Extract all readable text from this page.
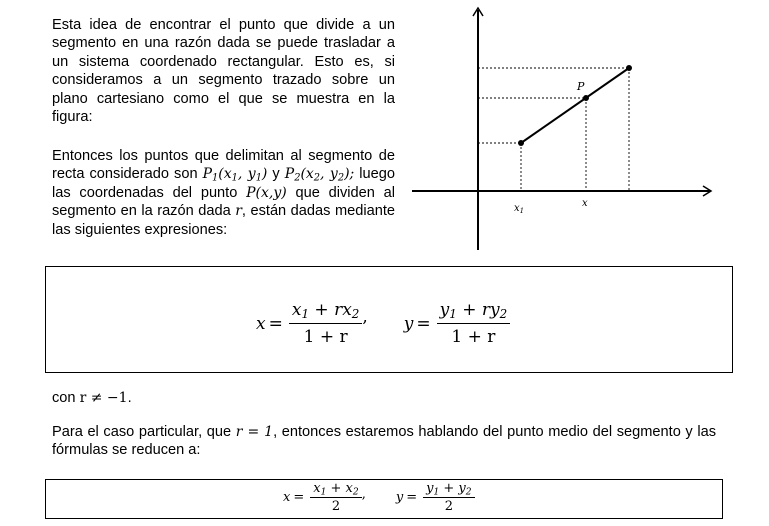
Esta idea de encontrar el punto que divide a un segmento en una razón dada se puede trasladar a un sistema coordenado rectangular. Esto es, si consideramos a un segmento trazado sobre un plano cartesiano como el que se muestra en la figura:
Entonces los puntos que delimitan al segmento de recta considerado son $P_1(x_1$, $y_1$) y $P_2(x_2$, $y_2$); luego las coordenadas del punto P(x,y) que dividen al segmento en la razón dada r, están dadas mediante las siguientes expresiones:
P
$x_1$
x
$x = \frac{x_1 + rx_2}{1 + r}$ , $y = \frac{y_1 + ry_2}{1 + r}$
con r ≠ −1.
Para el caso particular, que r = 1, entonces estaremos hablando del punto medio del segmento y las fórmulas se reducen a:
$x = \frac{x_1 + x_2}{2}$ , $y = \frac{y_1 + y_2}{2}$
